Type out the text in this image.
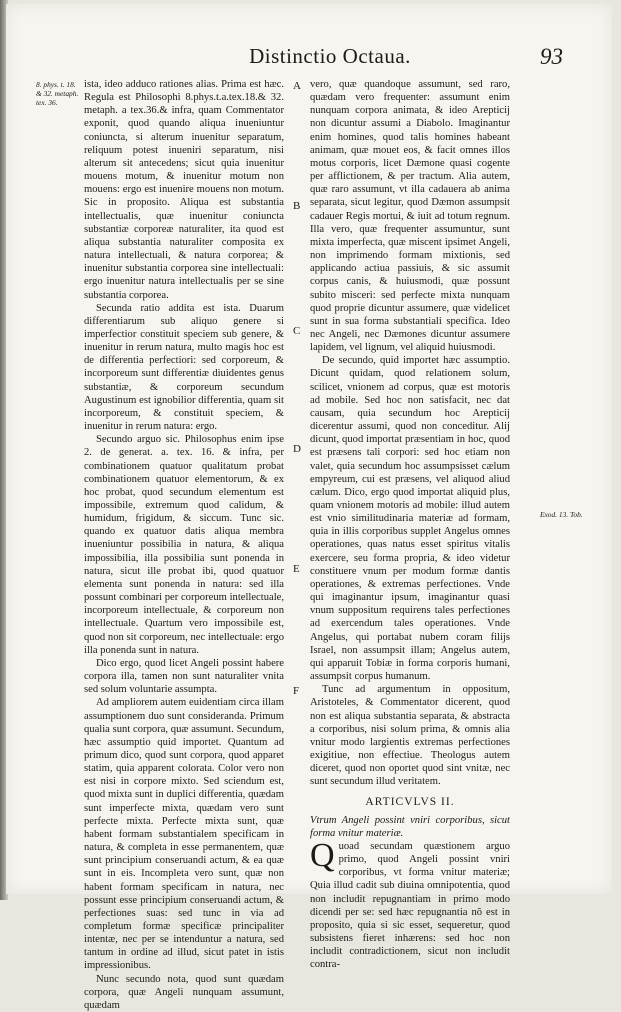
Distinctio Octaua.	93
8. phys. t. 18. & 32. metaph. tex. 36.
Exod. 13. Tob.
A
B
C
D
E
F

ista, ideo adduco rationes alias. Prima est hæc. Regula est Philosophi 8.phys.t.a.tex.18.& 32. metaph. a tex.36.& infra, quam Commentator exponit, quod quando aliqua inueniuntur coniuncta, si alterum inuenitur separatum, reliquum potest inueniri separatum, nisi alterum sit antecedens; sicut quia inuenitur mouens motum, & inuenitur motum non mouens: ergo est inuenire mouens non motum. Sic in proposito. Aliqua est substantia intellectualis, quæ inuenitur coniuncta substantiæ corporeæ naturaliter, ita quod est aliqua substantia naturaliter composita ex natura intellectuali, & natura corporea; & inuenitur substantia corporea sine intellectuali: ergo inuenitur natura intellectualis per se sine substantia corporea.

Secunda ratio addita est ista. Duarum differentiarum sub aliquo genere si imperfectior constituit speciem sub genere, & inuenitur in rerum natura, multo magis hoc est de differentia perfectiori: sed corporeum, & incorporeum sunt differentiæ diuidentes genus substantiæ, & corporeum secundum Augustinum est ignobilior differentia, quam sit incorporeum, & constituit speciem, & inuenitur in rerum natura: ergo.

Secundo arguo sic. Philosophus enim ipse 2. de generat. a. tex. 16. & infra, per combinationem quatuor qualitatum probat combinationem quatuor elementorum, & ex hoc probat, quod secundum elementum est impossibile, extremum quod calidum, & humidum, frigidum, & siccum. Tunc sic. quando ex quatuor datis aliqua membra inueniuntur possibilia in natura, & aliqua impossibilia, illa possibilia sunt ponenda in natura, sicut ille probat ibi, quod quatuor elementa sunt ponenda in natura: sed illa possunt combinari per corporeum intellectuale, incorporeum intellectuale, & corporeum non intellectuale. Quartum vero impossibile est, quod non sit corporeum, nec intellectuale: ergo illa ponenda sunt in natura.

Dico ergo, quod licet Angeli possint habere corpora illa, tamen non sunt naturaliter vnita sed solum voluntarie assumpta.

Ad ampliorem autem euidentiam circa illam assumptionem duo sunt consideranda. Primum qualia sunt corpora, quæ assumunt. Secundum, hæc assumptio quid importet. Quantum ad primum dico, quod sunt corpora, quod apparet statim, quia apparent colorata. Color vero non est nisi in corpore mixto. Sed sciendum est, quod mixta sunt in duplici differentia, quædam sunt imperfecte mixta, quædam vero sunt perfecte mixta. Perfecte mixta sunt, quæ habent formam substantialem specificam in natura, & completa in esse permanentem, quæ sunt principium conseruandi actum, & ea quæ sunt in eis. Incompleta vero sunt, quæ non habent formam specificam in natura, nec possunt esse principium conseruandi actum, & perfectiones suas: sed tunc in via ad completum formæ specificæ principaliter intentæ, nec per se intenduntur a natura, sed tantum in ordine ad illud, sicut patet in istis impressionibus.

Nunc secundo nota, quod sunt quædam corpora, quæ Angeli nunquam assumunt, quædam

vero, quæ quandoque assumunt, sed raro, quædam vero frequenter: assumunt enim nunquam corpora animata, & ideo Arepticij non dicuntur assumi a Diabolo. Imaginantur enim homines, quod talis homines habeant animam, quæ mouet eos, & facit omnes illos motus corporis, licet Dæmone quasi cogente per afflictionem, & per tractum. Alia autem, quæ raro assumunt, vt illa cadauera ab anima separata, sicut legitur, quod Dæmon assumpsit cadauer Regis mortui, & iuit ad totum regnum. Illa vero, quæ frequenter assumuntur, sunt mixta imperfecta, quæ miscent ipsimet Angeli, non imprimendo formam mixtionis, sed applicando actiua passiuis, & sic assumit corpus canis, & huiusmodi, quæ possunt subito misceri: sed perfecte mixta nunquam quod proprie dicuntur assumere, quæ videlicet sunt in sua forma substantiali specifica. Ideo nec Angeli, nec Dæmones dicuntur assumere lapidem, vel lignum, vel aliquid huiusmodi.

De secundo, quid importet hæc assumptio. Dicunt quidam, quod relationem solum, scilicet, vnionem ad corpus, quæ est motoris ad mobile. Sed hoc non satisfacit, nec dat causam, quia secundum hoc Arepticij dicerentur assumi, quod non conceditur. Alij dicunt, quod importat præsentiam in hoc, quod est præsens tali corpori: sed hoc etiam non valet, quia secundum hoc assumpsisset cælum empyreum, cui est præsens, vel aliquod aliud cælum. Dico, ergo quod importat aliquid plus, quam vnionem motoris ad mobile: illud autem est vnio similitudinaria materiæ ad formam, quia in illis corporibus supplet Angelus omnes operationes, quas natus esset spiritus vitalis exercere, seu forma propria, & ideo videtur constituere vnum per modum formæ dantis operationes, & extremas perfectiones. Vnde qui imaginantur ipsum, imaginantur quasi vnum suppositum requirens tales perfectiones ad exercendum tales operationes. Vnde Angelus, qui portabat nubem coram filijs Israel, non assumpsit illam; Angelus autem, qui apparuit Tobiæ in forma corporis humani, assumpsit corpus humanum.

Tunc ad argumentum in oppositum, Aristoteles, & Commentator dicerent, quod non est aliqua substantia separata, & abstracta a corporibus, nisi solum prima, & omnis alia vnitur modo largientis extremas perfectiones exigitiue, non effectiue. Theologus autem diceret, quod non oportet quod sint vnitæ, nec sunt secundum illud veritatem.

ARTICVLVS II.

Vtrum Angeli possint vniri corporibus, sicut forma vnitur materiæ.

Quoad secundam quæstionem arguo primo, quod Angeli possint vniri corporibus, vt forma vnitur materiæ; Quia illud cadit sub diuina omnipotentia, quod non includit repugnantiam in primo modo dicendi per se: sed hæc repugnantia nõ est in proposito, quia si sic esset, sequeretur, quod subsistens fieret inhærens: sed hoc non includit contradictionem, sicut non includit contra-
